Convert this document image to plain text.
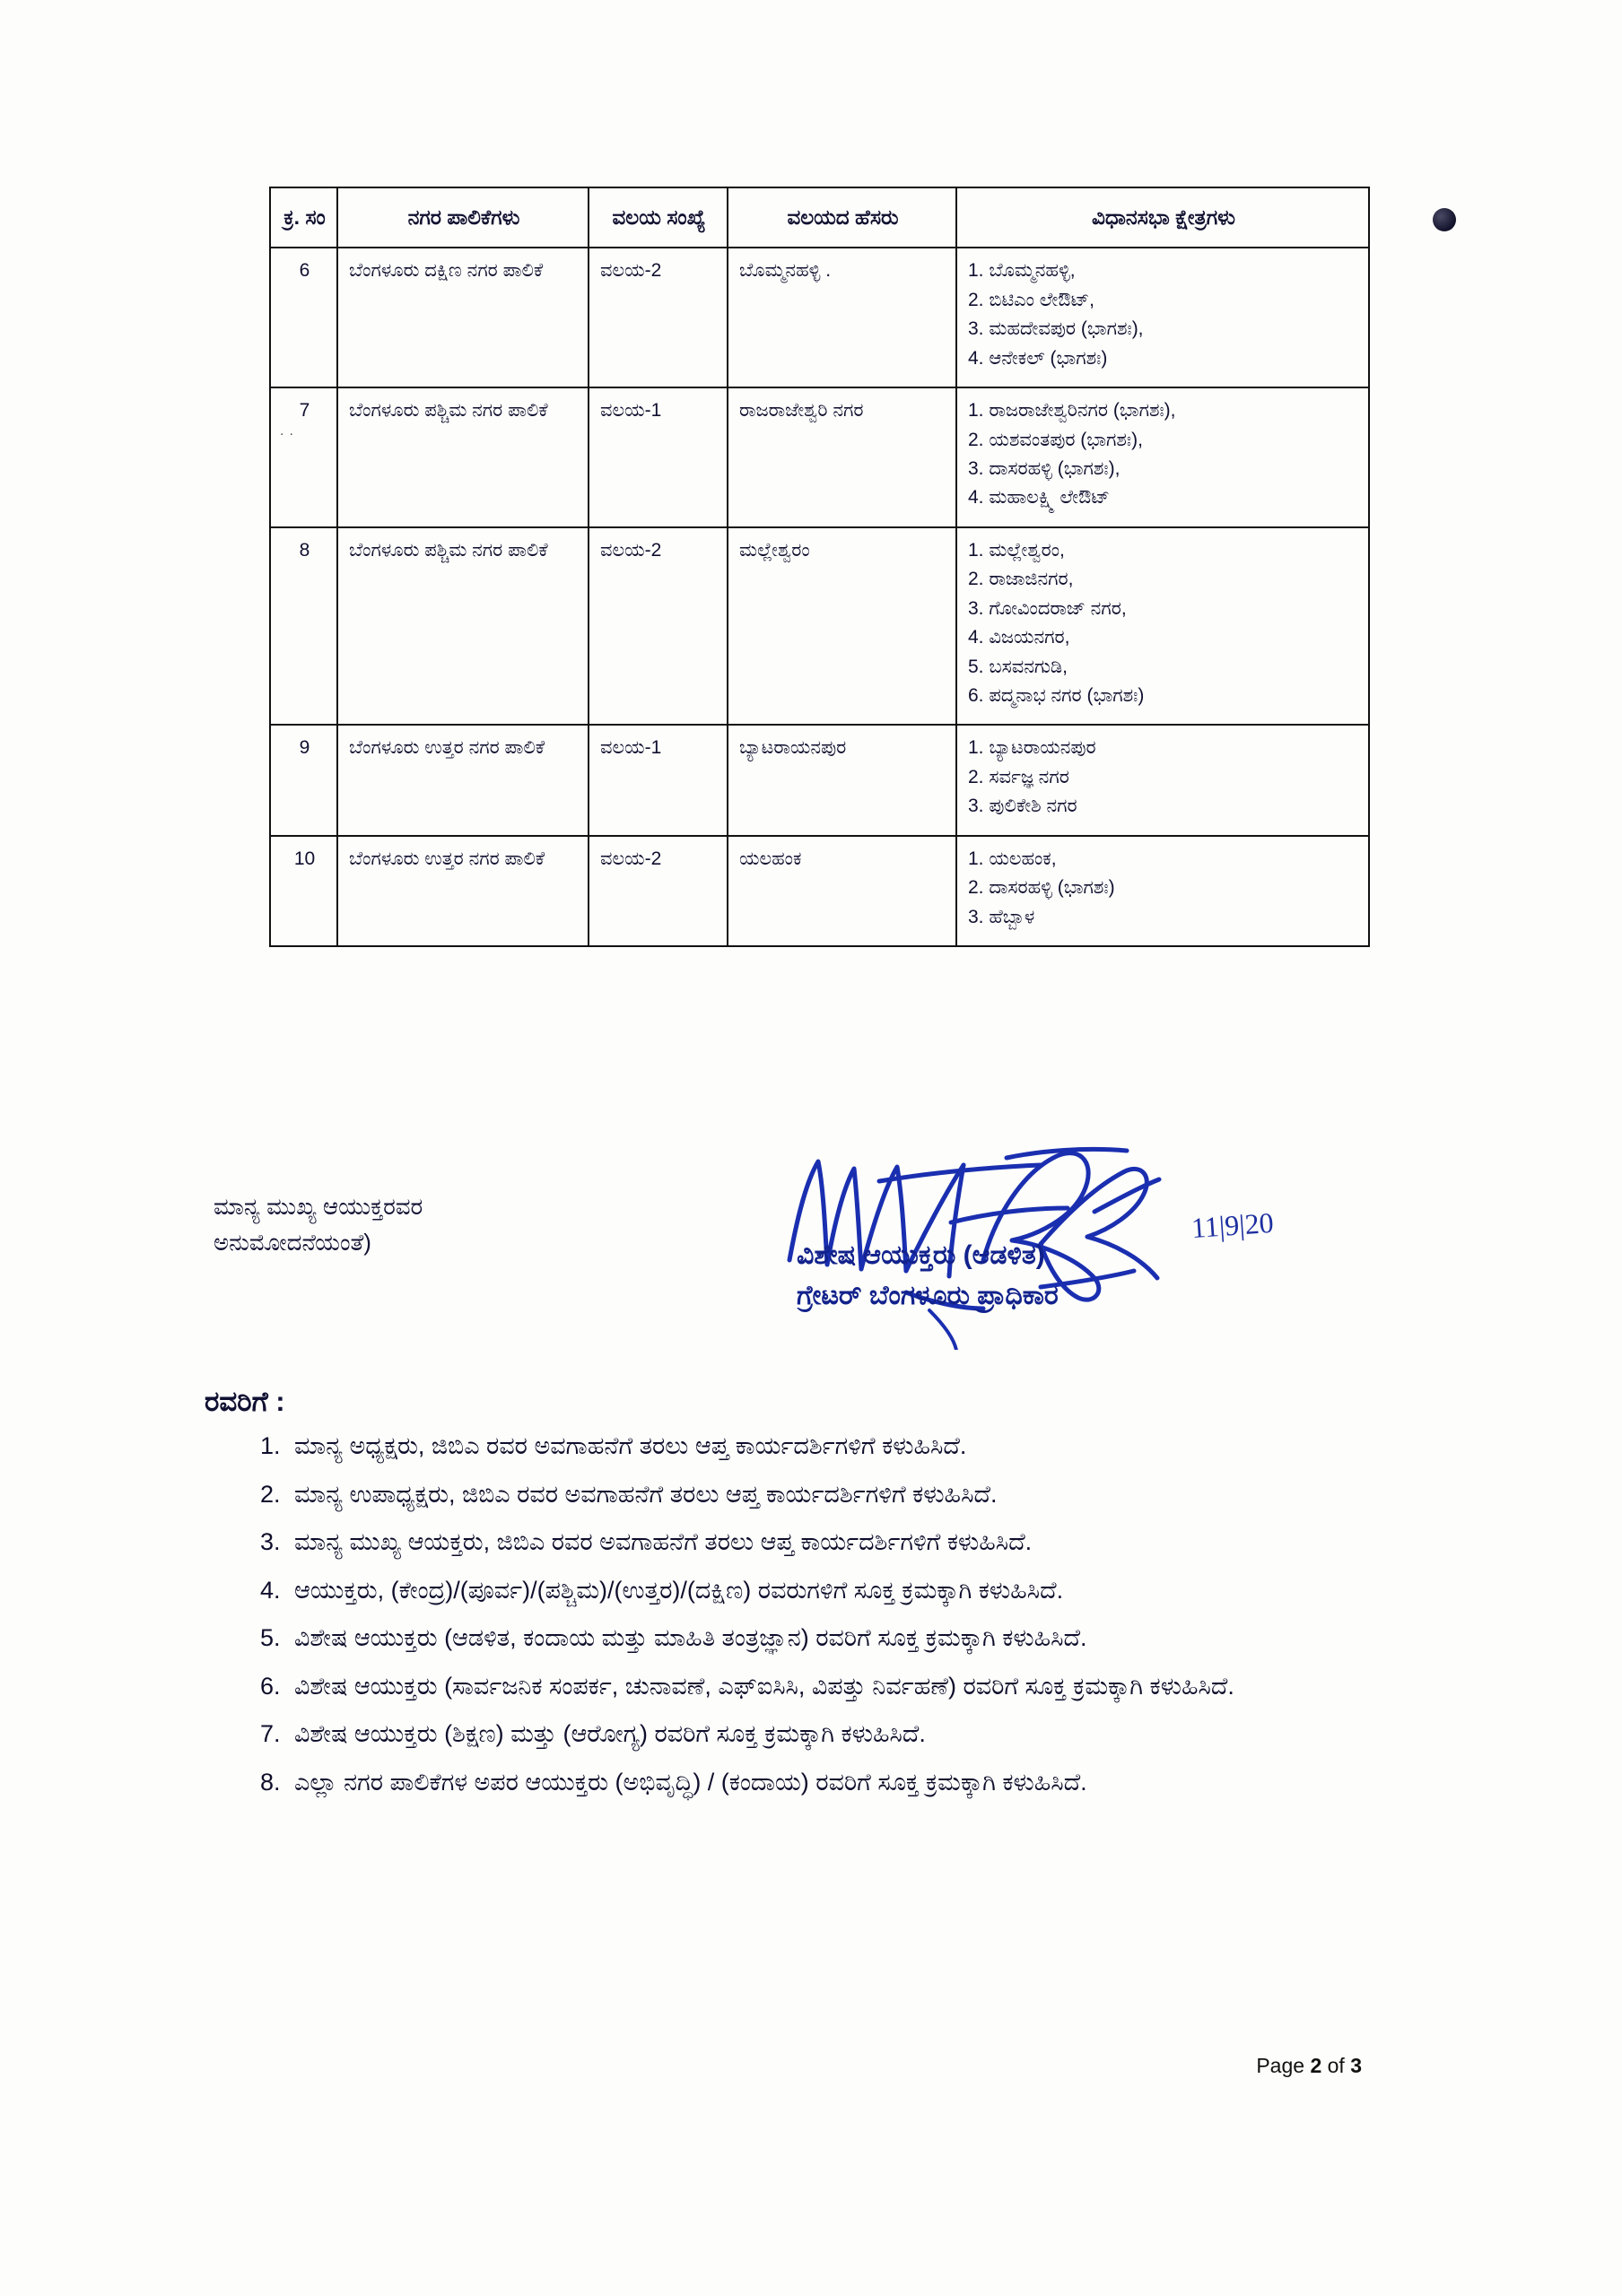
..
ಕ್ರ. ಸಂ	ನಗರ ಪಾಲಿಕೆಗಳು	ವಲಯ ಸಂಖ್ಯೆ	ವಲಯದ ಹೆಸರು	ವಿಧಾನಸಭಾ ಕ್ಷೇತ್ರಗಳು

6	ಬೆಂಗಳೂರು ದಕ್ಷಿಣ ನಗರ ಪಾಲಿಕೆ	ವಲಯ-2	ಬೊಮ್ಮನಹಳ್ಳಿ .	1. ಬೊಮ್ಮನಹಳ್ಳಿ,
2. ಬಿಟಿಎಂ ಲೇಔಟ್,
3. ಮಹದೇವಪುರ (ಭಾಗಶಃ),
4. ಆನೇಕಲ್ (ಭಾಗಶಃ)

7	ಬೆಂಗಳೂರು ಪಶ್ಚಿಮ ನಗರ ಪಾಲಿಕೆ	ವಲಯ-1	ರಾಜರಾಜೇಶ್ವರಿ ನಗರ	1. ರಾಜರಾಜೇಶ್ವರಿನಗರ (ಭಾಗಶಃ),
2. ಯಶವಂತಪುರ (ಭಾಗಶಃ),
3. ದಾಸರಹಳ್ಳಿ (ಭಾಗಶಃ),
4. ಮಹಾಲಕ್ಷ್ಮಿ ಲೇಔಟ್

8	ಬೆಂಗಳೂರು ಪಶ್ಚಿಮ ನಗರ ಪಾಲಿಕೆ	ವಲಯ-2	ಮಲ್ಲೇಶ್ವರಂ	1. ಮಲ್ಲೇಶ್ವರಂ,
2. ರಾಜಾಜಿನಗರ,
3. ಗೋವಿಂದರಾಜ್ ನಗರ,
4. ವಿಜಯನಗರ,
5. ಬಸವನಗುಡಿ,
6. ಪದ್ಮನಾಭ ನಗರ (ಭಾಗಶಃ)

9	ಬೆಂಗಳೂರು ಉತ್ತರ ನಗರ ಪಾಲಿಕೆ	ವಲಯ-1	ಬ್ಯಾಟರಾಯನಪುರ	1. ಬ್ಯಾಟರಾಯನಪುರ
2. ಸರ್ವಜ್ಞ ನಗರ
3. ಪುಲಿಕೇಶಿ ನಗರ

10	ಬೆಂಗಳೂರು ಉತ್ತರ ನಗರ ಪಾಲಿಕೆ	ವಲಯ-2	ಯಲಹಂಕ	1. ಯಲಹಂಕ,
2. ದಾಸರಹಳ್ಳಿ (ಭಾಗಶಃ)
3. ಹೆಬ್ಬಾಳ
ಮಾನ್ಯ ಮುಖ್ಯ ಆಯುಕ್ತರವರ
ಅನುಮೋದನೆಯಂತೆ)	11|9|20
ವಿಶೇಷ ಆಯುಕ್ತರು (ಆಡಳಿತ)
ಗ್ರೇಟರ್ ಬೆಂಗಳೂರು ಪ್ರಾಧಿಕಾರ
ರವರಿಗೆ :
1. ಮಾನ್ಯ ಅಧ್ಯಕ್ಷರು, ಜಿಬಿಎ ರವರ ಅವಗಾಹನೆಗೆ ತರಲು ಆಪ್ತ ಕಾರ್ಯದರ್ಶಿಗಳಿಗೆ ಕಳುಹಿಸಿದೆ.
2. ಮಾನ್ಯ ಉಪಾಧ್ಯಕ್ಷರು, ಜಿಬಿಎ ರವರ ಅವಗಾಹನೆಗೆ ತರಲು ಆಪ್ತ ಕಾರ್ಯದರ್ಶಿಗಳಿಗೆ ಕಳುಹಿಸಿದೆ.
3. ಮಾನ್ಯ ಮುಖ್ಯ ಆಯಕ್ತರು, ಜಿಬಿಎ ರವರ ಅವಗಾಹನೆಗೆ ತರಲು ಆಪ್ತ ಕಾರ್ಯದರ್ಶಿಗಳಿಗೆ ಕಳುಹಿಸಿದೆ.
4. ಆಯುಕ್ತರು, (ಕೇಂದ್ರ)/(ಪೂರ್ವ)/(ಪಶ್ಚಿಮ)/(ಉತ್ತರ)/(ದಕ್ಷಿಣ) ರವರುಗಳಿಗೆ ಸೂಕ್ತ ಕ್ರಮಕ್ಕಾಗಿ ಕಳುಹಿಸಿದೆ.
5. ವಿಶೇಷ ಆಯುಕ್ತರು (ಆಡಳಿತ, ಕಂದಾಯ ಮತ್ತು ಮಾಹಿತಿ ತಂತ್ರಜ್ಞಾನ) ರವರಿಗೆ ಸೂಕ್ತ ಕ್ರಮಕ್ಕಾಗಿ ಕಳುಹಿಸಿದೆ.
6. ವಿಶೇಷ ಆಯುಕ್ತರು (ಸಾರ್ವಜನಿಕ ಸಂಪರ್ಕ, ಚುನಾವಣೆ, ಎಫ್‌ಐಸಿಸಿ, ವಿಪತ್ತು ನಿರ್ವಹಣೆ) ರವರಿಗೆ ಸೂಕ್ತ ಕ್ರಮಕ್ಕಾಗಿ ಕಳುಹಿಸಿದೆ.
7. ವಿಶೇಷ ಆಯುಕ್ತರು (ಶಿಕ್ಷಣ) ಮತ್ತು (ಆರೋಗ್ಯ) ರವರಿಗೆ ಸೂಕ್ತ ಕ್ರಮಕ್ಕಾಗಿ ಕಳುಹಿಸಿದೆ.
8. ಎಲ್ಲಾ ನಗರ ಪಾಲಿಕೆಗಳ ಅಪರ ಆಯುಕ್ತರು (ಅಭಿವೃದ್ಧಿ) / (ಕಂದಾಯ) ರವರಿಗೆ ಸೂಕ್ತ ಕ್ರಮಕ್ಕಾಗಿ ಕಳುಹಿಸಿದೆ.
Page 2 of 3
